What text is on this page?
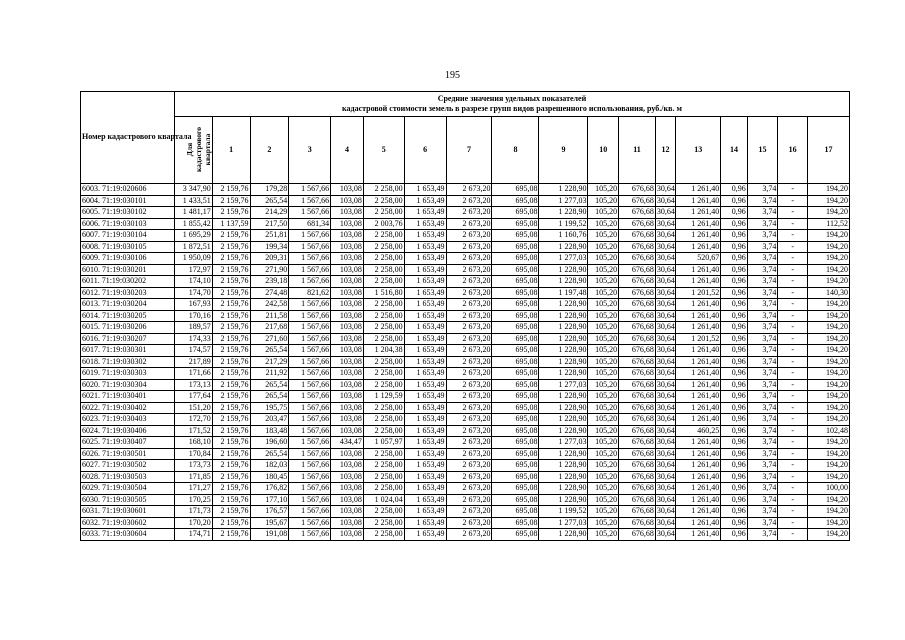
195
Номер кадастрового квартала	Средние значения удельных показателей
кадастровой стоимости земель в разрезе групп видов разрешенного использования, руб./кв. м																	

	Для
кадастрового
квартала	1	2	3	4	5	6	7	8	9	10	11	12	13	14	15	16	17
6003. 71:19:020606	3 347,90	2 159,76	179,28	1 567,66	103,08	2 258,00	1 653,49	2 673,20	695,08	1 228,90	105,20	676,68	30,64	1 261,40	0,96	3,74	-	194,20
6004. 71:19:030101	1 433,51	2 159,76	265,54	1 567,66	103,08	2 258,00	1 653,49	2 673,20	695,08	1 277,03	105,20	676,68	30,64	1 261,40	0,96	3,74	-	194,20
6005. 71:19:030102	1 481,17	2 159,76	214,29	1 567,66	103,08	2 258,00	1 653,49	2 673,20	695,08	1 228,90	105,20	676,68	30,64	1 261,40	0,96	3,74	-	194,20
6006. 71:19:030103	1 855,42	1 137,59	217,50	681,34	103,08	2 003,76	1 653,49	2 673,20	695,08	1 199,52	105,20	676,68	30,64	1 261,40	0,96	3,74	-	112,52
6007. 71:19:030104	1 695,29	2 159,76	251,81	1 567,66	103,08	2 258,00	1 653,49	2 673,20	695,08	1 160,76	105,20	676,68	30,64	1 261,40	0,96	3,74	-	194,20
6008. 71:19:030105	1 872,51	2 159,76	199,34	1 567,66	103,08	2 258,00	1 653,49	2 673,20	695,08	1 228,90	105,20	676,68	30,64	1 261,40	0,96	3,74	-	194,20
6009. 71:19:030106	1 950,09	2 159,76	209,31	1 567,66	103,08	2 258,00	1 653,49	2 673,20	695,08	1 277,03	105,20	676,68	30,64	520,67	0,96	3,74	-	194,20
6010. 71:19:030201	172,97	2 159,76	271,90	1 567,66	103,08	2 258,00	1 653,49	2 673,20	695,08	1 228,90	105,20	676,68	30,64	1 261,40	0,96	3,74	-	194,20
6011. 71:19:030202	174,10	2 159,76	239,18	1 567,66	103,08	2 258,00	1 653,49	2 673,20	695,08	1 228,90	105,20	676,68	30,64	1 261,40	0,96	3,74	-	194,20
6012. 71:19:030203	174,70	2 159,76	274,48	821,62	103,08	1 516,80	1 653,49	2 673,20	695,08	1 197,48	105,20	676,68	30,64	1 201,52	0,96	3,74	-	140,30
6013. 71:19:030204	167,93	2 159,76	242,58	1 567,66	103,08	2 258,00	1 653,49	2 673,20	695,08	1 228,90	105,20	676,68	30,64	1 261,40	0,96	3,74	-	194,20
6014. 71:19:030205	170,16	2 159,76	211,58	1 567,66	103,08	2 258,00	1 653,49	2 673,20	695,08	1 228,90	105,20	676,68	30,64	1 261,40	0,96	3,74	-	194,20
6015. 71:19:030206	189,57	2 159,76	217,68	1 567,66	103,08	2 258,00	1 653,49	2 673,20	695,08	1 228,90	105,20	676,68	30,64	1 261,40	0,96	3,74	-	194,20
6016. 71:19:030207	174,33	2 159,76	271,60	1 567,66	103,08	2 258,00	1 653,49	2 673,20	695,08	1 228,90	105,20	676,68	30,64	1 201,52	0,96	3,74	-	194,20
6017. 71:19:030301	174,57	2 159,76	265,54	1 567,66	103,08	1 204,38	1 653,49	2 673,20	695,08	1 228,90	105,20	676,68	30,64	1 261,40	0,96	3,74	-	194,20
6018. 71:19:030302	217,89	2 159,76	217,29	1 567,66	103,08	2 258,00	1 653,49	2 673,20	695,08	1 228,90	105,20	676,68	30,64	1 261,40	0,96	3,74	-	194,20
6019. 71:19:030303	171,66	2 159,76	211,92	1 567,66	103,08	2 258,00	1 653,49	2 673,20	695,08	1 228,90	105,20	676,68	30,64	1 261,40	0,96	3,74	-	194,20
6020. 71:19:030304	173,13	2 159,76	265,54	1 567,66	103,08	2 258,00	1 653,49	2 673,20	695,08	1 277,03	105,20	676,68	30,64	1 261,40	0,96	3,74	-	194,20
6021. 71:19:030401	177,64	2 159,76	265,54	1 567,66	103,08	1 129,59	1 653,49	2 673,20	695,08	1 228,90	105,20	676,68	30,64	1 261,40	0,96	3,74	-	194,20
6022. 71:19:030402	151,20	2 159,76	195,75	1 567,66	103,08	2 258,00	1 653,49	2 673,20	695,08	1 228,90	105,20	676,68	30,64	1 261,40	0,96	3,74	-	194,20
6023. 71:19:030403	172,70	2 159,76	203,47	1 567,66	103,08	2 258,00	1 653,49	2 673,20	695,08	1 228,90	105,20	676,68	30,64	1 261,40	0,96	3,74	-	194,20
6024. 71:19:030406	171,52	2 159,76	183,48	1 567,66	103,08	2 258,00	1 653,49	2 673,20	695,08	1 228,90	105,20	676,68	30,64	460,25	0,96	3,74	-	102,48
6025. 71:19:030407	168,10	2 159,76	196,60	1 567,66	434,47	1 057,97	1 653,49	2 673,20	695,08	1 277,03	105,20	676,68	30,64	1 261,40	0,96	3,74	-	194,20
6026. 71:19:030501	170,84	2 159,76	265,54	1 567,66	103,08	2 258,00	1 653,49	2 673,20	695,08	1 228,90	105,20	676,68	30,64	1 261,40	0,96	3,74	-	194,20
6027. 71:19:030502	173,73	2 159,76	182,03	1 567,66	103,08	2 258,00	1 653,49	2 673,20	695,08	1 228,90	105,20	676,68	30,64	1 261,40	0,96	3,74	-	194,20
6028. 71:19:030503	171,85	2 159,76	180,45	1 567,66	103,08	2 258,00	1 653,49	2 673,20	695,08	1 228,90	105,20	676,68	30,64	1 261,40	0,96	3,74	-	194,20
6029. 71:19:030504	171,27	2 159,76	176,82	1 567,66	103,08	2 258,00	1 653,49	2 673,20	695,08	1 228,90	105,20	676,68	30,64	1 261,40	0,96	3,74	-	100,00
6030. 71:19:030505	170,25	2 159,76	177,10	1 567,66	103,08	1 024,04	1 653,49	2 673,20	695,08	1 228,90	105,20	676,68	30,64	1 261,40	0,96	3,74	-	194,20
6031. 71:19:030601	171,73	2 159,76	176,57	1 567,66	103,08	2 258,00	1 653,49	2 673,20	695,08	1 199,52	105,20	676,68	30,64	1 261,40	0,96	3,74	-	194,20
6032. 71:19:030602	170,20	2 159,76	195,67	1 567,66	103,08	2 258,00	1 653,49	2 673,20	695,08	1 277,03	105,20	676,68	30,64	1 261,40	0,96	3,74	-	194,20
6033. 71:19:030604	174,71	2 159,76	191,08	1 567,66	103,08	2 258,00	1 653,49	2 673,20	695,08	1 228,90	105,20	676,68	30,64	1 261,40	0,96	3,74	-	194,20
